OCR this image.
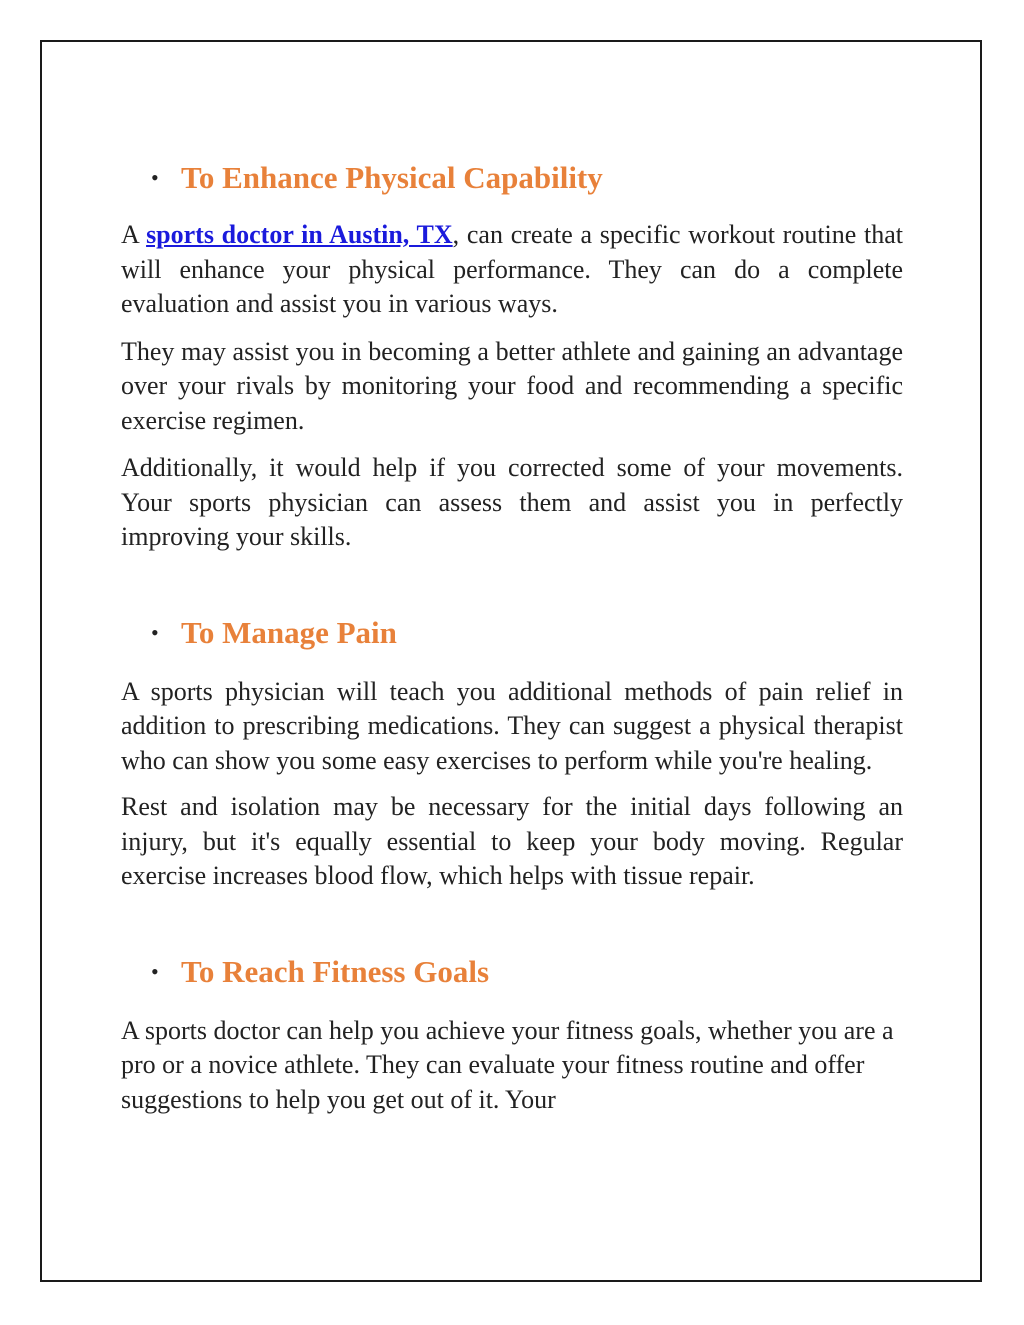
• To Enhance Physical Capability

A sports doctor in Austin, TX, can create a specific workout routine that will enhance your physical performance. They can do a complete evaluation and assist you in various ways.

They may assist you in becoming a better athlete and gaining an advantage over your rivals by monitoring your food and recommending a specific exercise regimen.

Additionally, it would help if you corrected some of your movements. Your sports physician can assess them and assist you in perfectly improving your skills.

• To Manage Pain

A sports physician will teach you additional methods of pain relief in addition to prescribing medications. They can suggest a physical therapist who can show you some easy exercises to perform while you're healing.

Rest and isolation may be necessary for the initial days following an injury, but it's equally essential to keep your body moving. Regular exercise increases blood flow, which helps with tissue repair.

• To Reach Fitness Goals

A sports doctor can help you achieve your fitness goals, whether you are a pro or a novice athlete. They can evaluate your fitness routine and offer suggestions to help you get out of it. Your
